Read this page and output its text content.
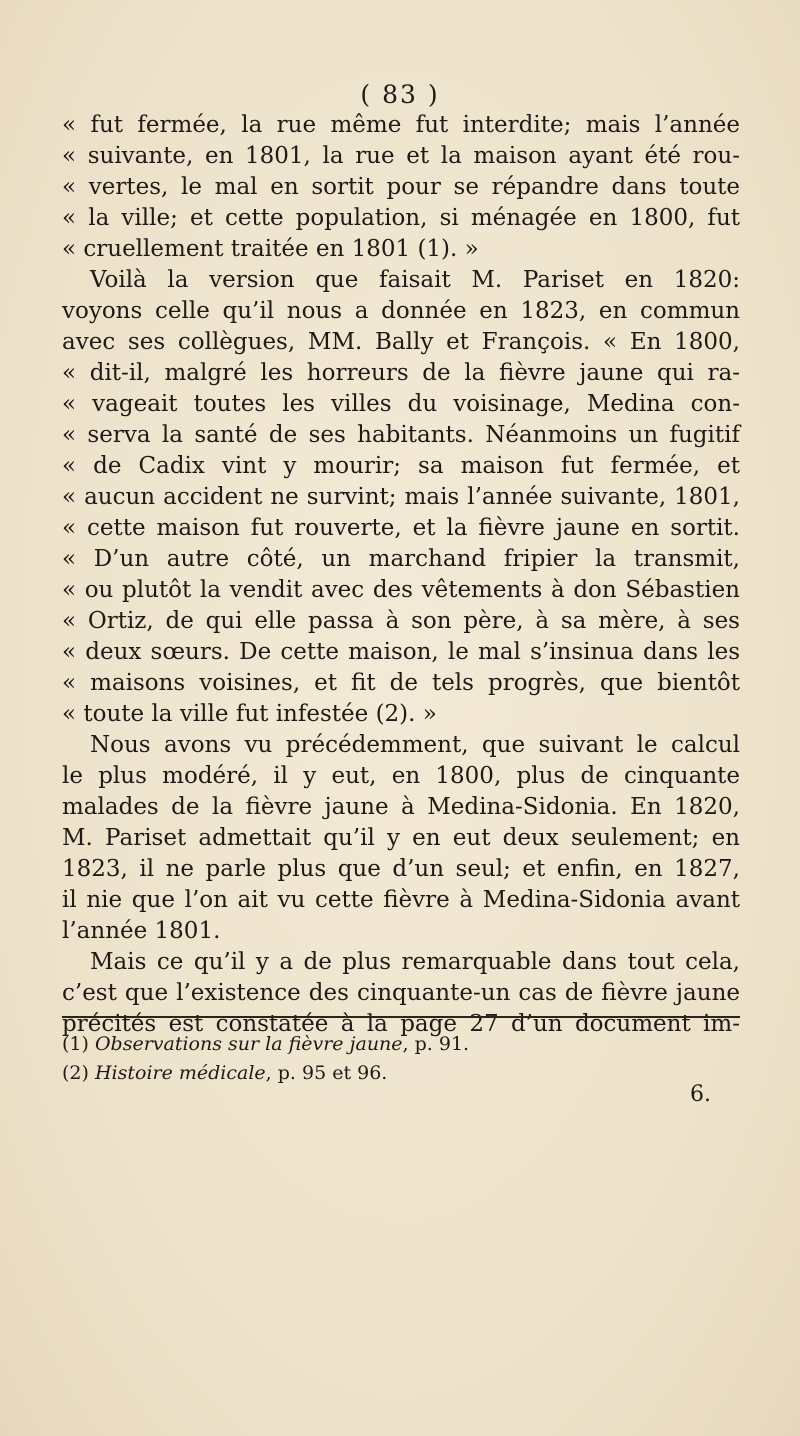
( 83 )
« fut fermée, la rue même fut interdite; mais l’année
« suivante, en 1801, la rue et la maison ayant été rou-
« vertes, le mal en sortit pour se répandre dans toute
« la ville; et cette population, si ménagée en 1800, fut
« cruellement traitée en 1801 (1). »
Voilà la version que faisait M. Pariset en 1820:
voyons celle qu’il nous a donnée en 1823, en commun
avec ses collègues, MM. Bally et François. « En 1800,
« dit-il, malgré les horreurs de la fièvre jaune qui ra-
« vageait toutes les villes du voisinage, Medina con-
« serva la santé de ses habitants. Néanmoins un fugitif
« de Cadix vint y mourir; sa maison fut fermée, et
« aucun accident ne survint; mais l’année suivante, 1801,
« cette maison fut rouverte, et la fièvre jaune en sortit.
« D’un autre côté, un marchand fripier la transmit,
« ou plutôt la vendit avec des vêtements à don Sébastien
« Ortiz, de qui elle passa à son père, à sa mère, à ses
« deux sœurs. De cette maison, le mal s’insinua dans les
« maisons voisines, et fit de tels progrès, que bientôt
« toute la ville fut infestée (2). »
Nous avons vu précédemment, que suivant le calcul
le plus modéré, il y eut, en 1800, plus de cinquante
malades de la fièvre jaune à Medina-Sidonia. En 1820,
M. Pariset admettait qu’il y en eut deux seulement; en
1823, il ne parle plus que d’un seul; et enfin, en 1827,
il nie que l’on ait vu cette fièvre à Medina-Sidonia avant
l’année 1801.
Mais ce qu’il y a de plus remarquable dans tout cela,
c’est que l’existence des cinquante-un cas de fièvre jaune
précités est constatée à la page 27 d’un document im-
(1) Observations sur la fièvre jaune, p. 91.
(2) Histoire médicale, p. 95 et 96.
6.
